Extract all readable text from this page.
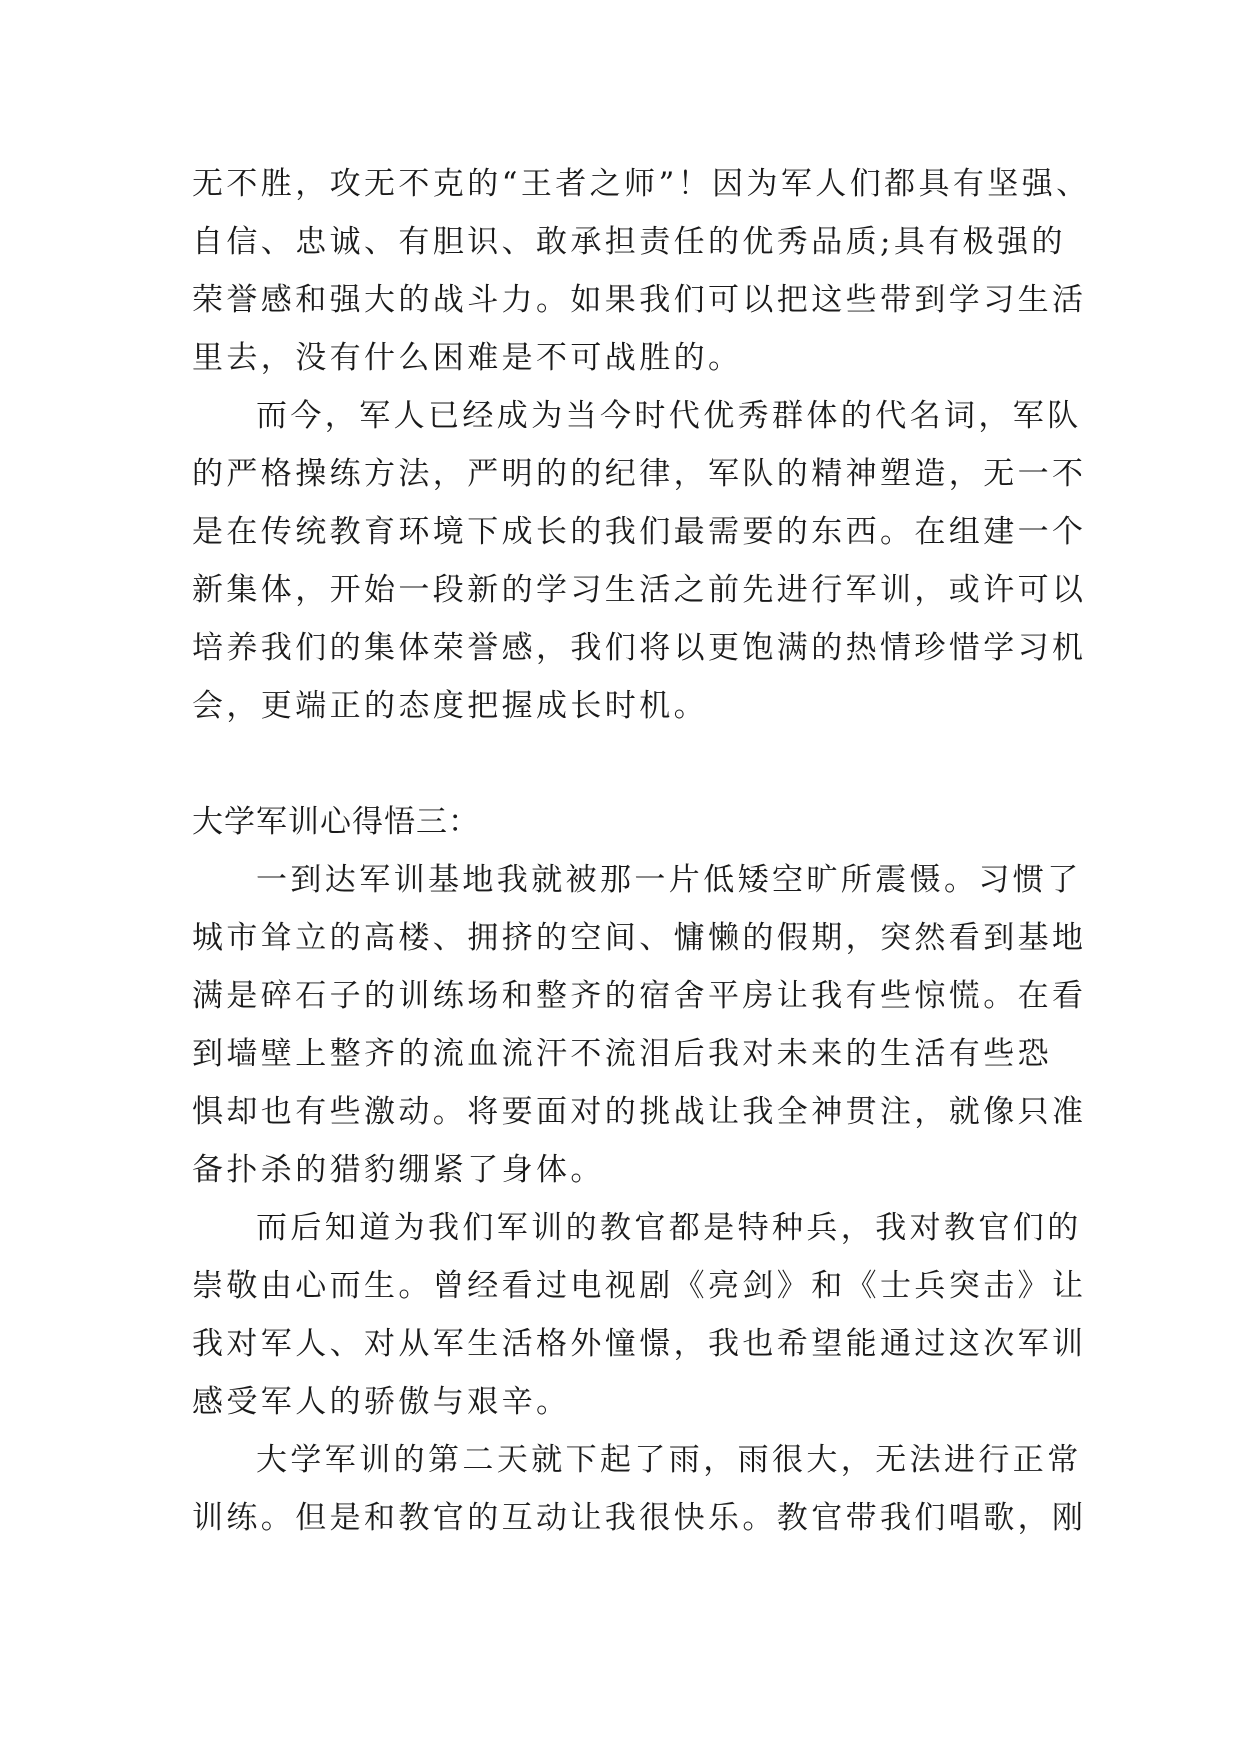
无不胜，攻无不克的“王者之师”！因为军人们都具有坚强、
自信、忠诚、有胆识、敢承担责任的优秀品质;具有极强的
荣誉感和强大的战斗力。如果我们可以把这些带到学习生活
里去，没有什么困难是不可战胜的。
而今，军人已经成为当今时代优秀群体的代名词，军队
的严格操练方法，严明的的纪律，军队的精神塑造，无一不
是在传统教育环境下成长的我们最需要的东西。在组建一个
新集体，开始一段新的学习生活之前先进行军训，或许可以
培养我们的集体荣誉感，我们将以更饱满的热情珍惜学习机
会，更端正的态度把握成长时机。
大学军训心得悟三：
一到达军训基地我就被那一片低矮空旷所震慑。习惯了
城市耸立的高楼、拥挤的空间、慵懒的假期，突然看到基地
满是碎石子的训练场和整齐的宿舍平房让我有些惊慌。在看
到墙壁上整齐的流血流汗不流泪后我对未来的生活有些恐
惧却也有些激动。将要面对的挑战让我全神贯注，就像只准
备扑杀的猎豹绷紧了身体。
而后知道为我们军训的教官都是特种兵，我对教官们的
崇敬由心而生。曾经看过电视剧《亮剑》和《士兵突击》让
我对军人、对从军生活格外憧憬，我也希望能通过这次军训
感受军人的骄傲与艰辛。
大学军训的第二天就下起了雨，雨很大，无法进行正常
训练。但是和教官的互动让我很快乐。教官带我们唱歌，刚
